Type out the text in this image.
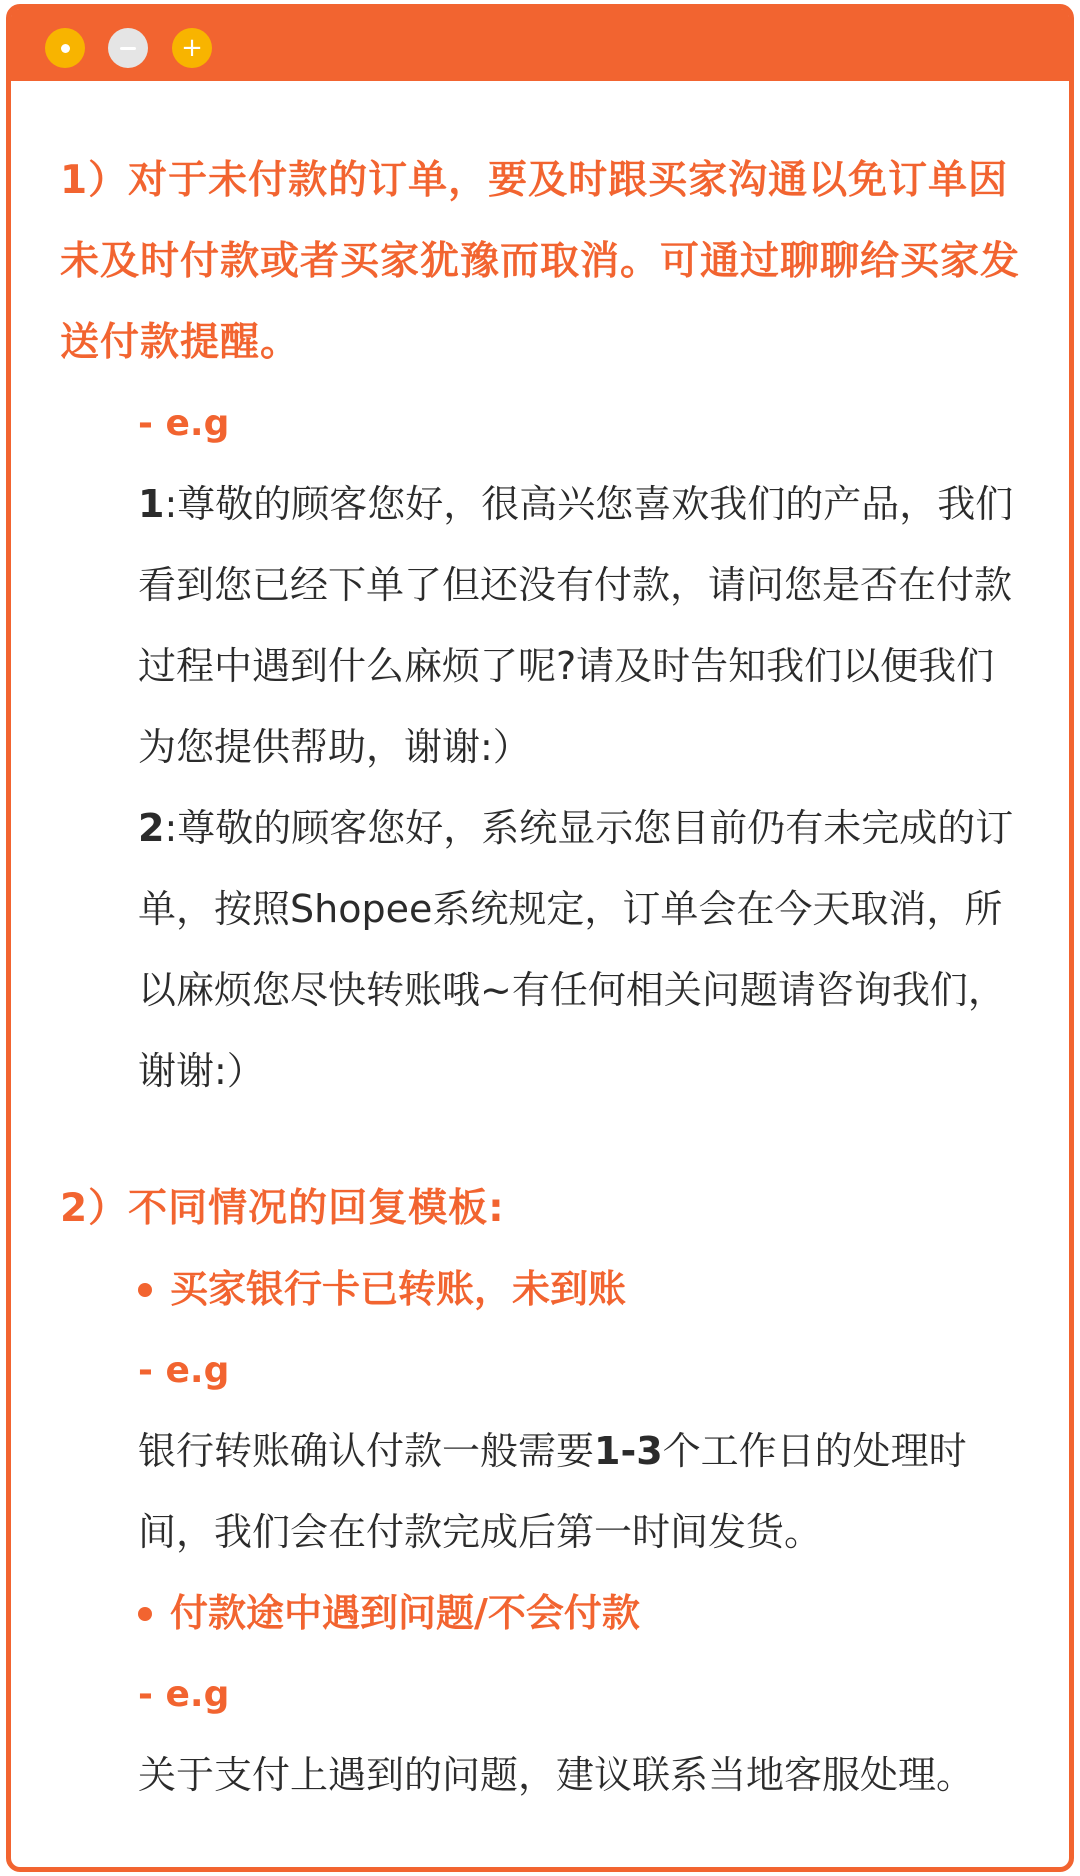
+
1）对于未付款的订单，要及时跟买家沟通以免订单因未及时付款或者买家犹豫而取消。可通过聊聊给买家发送付款提醒。
- e.g
1:尊敬的顾客您好，很高兴您喜欢我们的产品，我们看到您已经下单了但还没有付款，请问您是否在付款过程中遇到什么麻烦了呢?请及时告知我们以便我们为您提供帮助，谢谢:）
2:尊敬的顾客您好，系统显示您目前仍有未完成的订单，按照Shopee系统规定，订单会在今天取消，所以麻烦您尽快转账哦~有任何相关问题请咨询我们，谢谢:）
2）不同情况的回复模板:
买家银行卡已转账，未到账
- e.g
银行转账确认付款一般需要1-3个工作日的处理时间，我们会在付款完成后第一时间发货。
付款途中遇到问题/不会付款
- e.g
关于支付上遇到的问题，建议联系当地客服处理。
